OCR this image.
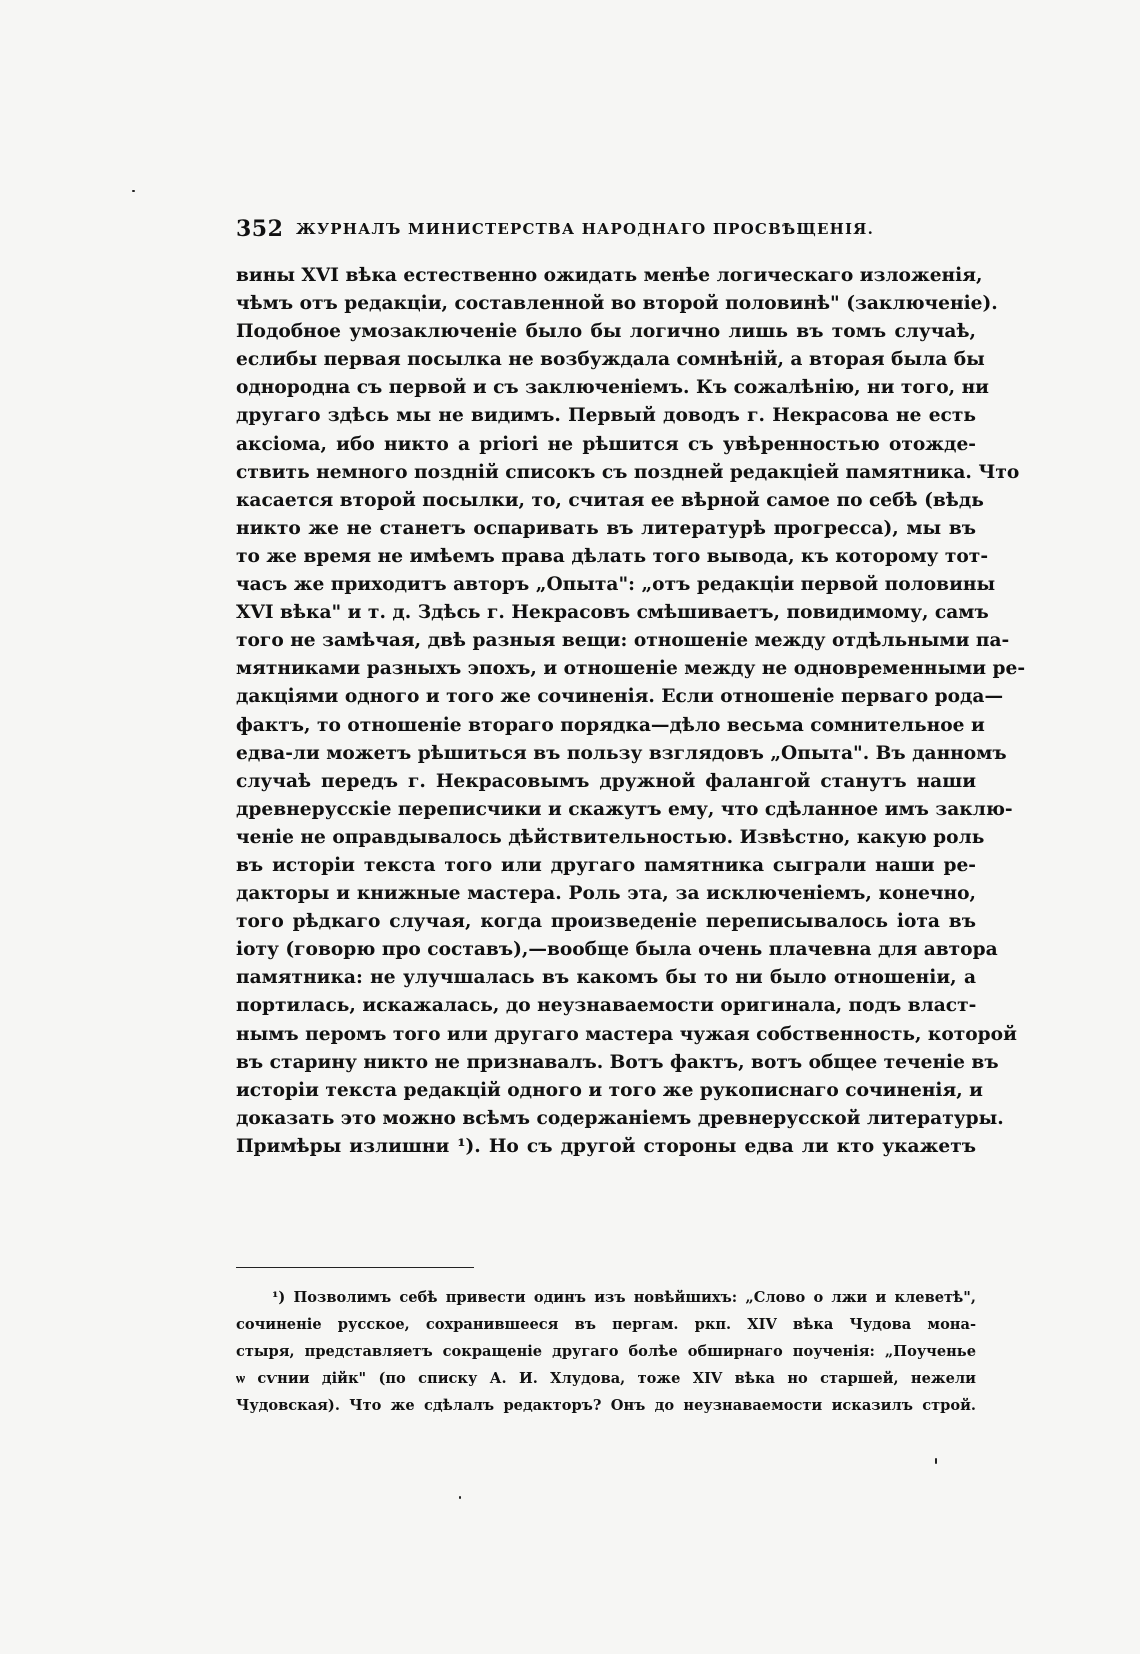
352 ЖУРНАЛЪ МИНИСТЕРСТВА НАРОДНАГО ПРОСВѢЩЕНІЯ.
вины XVI вѣка естественно ожидать менѣе логическаго изложенія,
чѣмъ отъ редакціи, составленной во второй половинѣ" (заключеніе).
Подобное умозаключеніе было бы логично лишь въ томъ случаѣ,
еслибы первая посылка не возбуждала сомнѣній, а вторая была бы
однородна съ первой и съ заключеніемъ. Къ сожалѣнію, ни того, ни
другаго здѣсь мы не видимъ. Первый доводъ г. Некрасова не есть
аксіома, ибо никто a priori не рѣшится съ увѣренностью отожде-
ствить немного поздній списокъ съ поздней редакціей памятника. Что
касается второй посылки, то, считая ее вѣрной самое по себѣ (вѣдь
никто же не станетъ оспаривать въ литературѣ прогресса), мы въ
то же время не имѣемъ права дѣлать того вывода, къ которому тот-
часъ же приходитъ авторъ „Опыта": „отъ редакціи первой половины
XVI вѣка" и т. д. Здѣсь г. Некрасовъ смѣшиваетъ, повидимому, самъ
того не замѣчая, двѣ разныя вещи: отношеніе между отдѣльными па-
мятниками разныхъ эпохъ, и отношеніе между не одновременными ре-
дакціями одного и того же сочиненія. Если отношеніе перваго рода—
фактъ, то отношеніе втораго порядка—дѣло весьма сомнительное и
едва-ли можетъ рѣшиться въ пользу взглядовъ „Опыта". Въ данномъ
случаѣ передъ г. Некрасовымъ дружной фалангой станутъ наши
древнерусскіе переписчики и скажутъ ему, что сдѣланное имъ заклю-
ченіе не оправдывалось дѣйствительностью. Извѣстно, какую роль
въ исторіи текста того или другаго памятника сыграли наши ре-
дакторы и книжные мастера. Роль эта, за исключеніемъ, конечно,
того рѣдкаго случая, когда произведеніе переписывалось іота въ
іоту (говорю про составъ),—вообще была очень плачевна для автора
памятника: не улучшалась въ какомъ бы то ни было отношеніи, а
портилась, искажалась, до неузнаваемости оригинала, подъ власт-
нымъ перомъ того или другаго мастера чужая собственность, которой
въ старину никто не признавалъ. Вотъ фактъ, вотъ общее теченіе въ
исторіи текста редакцій одного и того же рукописнаго сочиненія, и
доказать это можно всѣмъ содержаніемъ древнерусской литературы.
Примѣры излишни ¹). Но съ другой стороны едва ли кто укажетъ
¹) Позволимъ себѣ привести одинъ изъ новѣйшихъ: „Слово о лжи и клеветѣ",
сочиненіе русское, сохранившееся въ пергам. ркп. XIV вѣка Чудова мона-
стыря, представляетъ сокращеніе другаго болѣе обширнаго поученія: „Поученье
ѡ сѵнии дійк" (по списку А. И. Хлудова, тоже XIV вѣка но старшей, нежели
Чудовская). Что же сдѣлалъ редакторъ? Онъ до неузнаваемости исказилъ строй.
